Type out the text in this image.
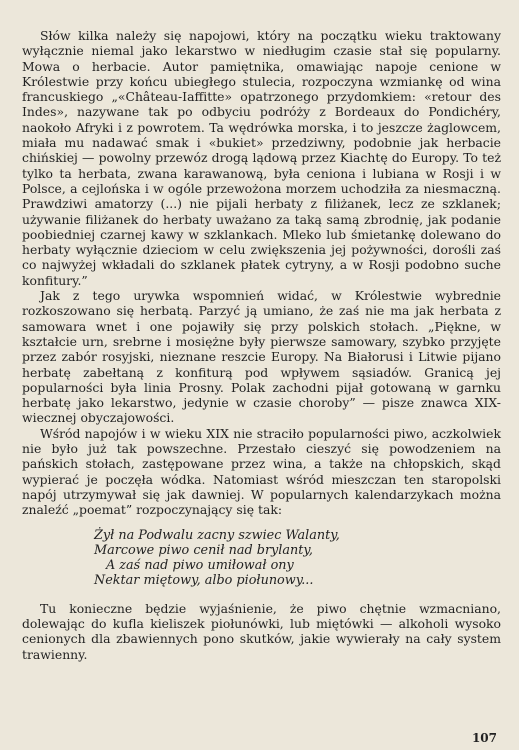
Słów kilka należy się napojowi, który na początku wieku traktowany wyłącznie niemal jako lekarstwo w niedługim czasie stał się popularny. Mowa o herbacie. Autor pamiętnika, omawiając napoje cenione w Królestwie przy końcu ubiegłego stulecia, rozpoczyna wzmiankę od wina francuskiego „«Château-Iaffitte» opatrzonego przydomkiem: «retour des Indes», nazywane tak po odbyciu podróży z Bordeaux do Pondichéry, naokoło Afryki i z powrotem. Ta wędrówka morska, i to jeszcze żaglowcem, miała mu nadawać smak i «bukiet» przedziwny, podobnie jak herbacie chińskiej — powolny przewóz drogą lądową przez Kiachtę do Europy. To też tylko ta herbata, zwana karawanową, była ceniona i lubiana w Rosji i w Polsce, a cejlońska i w ogóle przewożona morzem uchodziła za niesmaczną. Prawdziwi amatorzy (...) nie pijali herbaty z filiżanek, lecz ze szklanek; używanie filiżanek do herbaty uważano za taką samą zbrodnię, jak podanie poobiedniej czarnej kawy w szklankach. Mleko lub śmietankę dolewano do herbaty wyłącznie dzieciom w celu zwiększenia jej pożywności, dorośli zaś co najwyżej wkładali do szklanek płatek cytryny, a w Rosji podobno suche konfitury.”

Jak z tego urywka wspomnień widać, w Królestwie wybrednie rozkoszowano się herbatą. Parzyć ją umiano, że zaś nie ma jak herbata z samowara wnet i one pojawiły się przy polskich stołach. „Piękne, w kształcie urn, srebrne i mosiężne były pierwsze samowary, szybko przyjęte przez zabór rosyjski, nieznane reszcie Europy. Na Białorusi i Litwie pijano herbatę zabełtaną z konfiturą pod wpływem sąsiadów. Granicą jej popularności była linia Prosny. Polak zachodni pijał gotowaną w garnku herbatę jako lekarstwo, jedynie w czasie choroby” — pisze znawca XIX-wiecznej obyczajowości.

Wśród napojów i w wieku XIX nie straciło popularności piwo, aczkolwiek nie było już tak powszechne. Przestało cieszyć się powodzeniem na pańskich stołach, zastępowane przez wina, a także na chłopskich, skąd wypierać je poczęła wódka. Natomiast wśród mieszczan ten staropolski napój utrzymywał się jak dawniej. W popularnych kalendarzykach można znaleźć „poemat” rozpoczynający się tak:

Żył na Podwalu zacny szwiec Walanty,
Marcowe piwo cenił nad brylanty,
A zaś nad piwo umiłował ony
Nektar miętowy, albo piołunowy...

Tu konieczne będzie wyjaśnienie, że piwo chętnie wzmacniano, dolewając do kufla kieliszek piołunówki, lub miętówki — alkoholi wysoko cenionych dla zbawiennych pono skutków, jakie wywierały na cały system trawienny.

107
